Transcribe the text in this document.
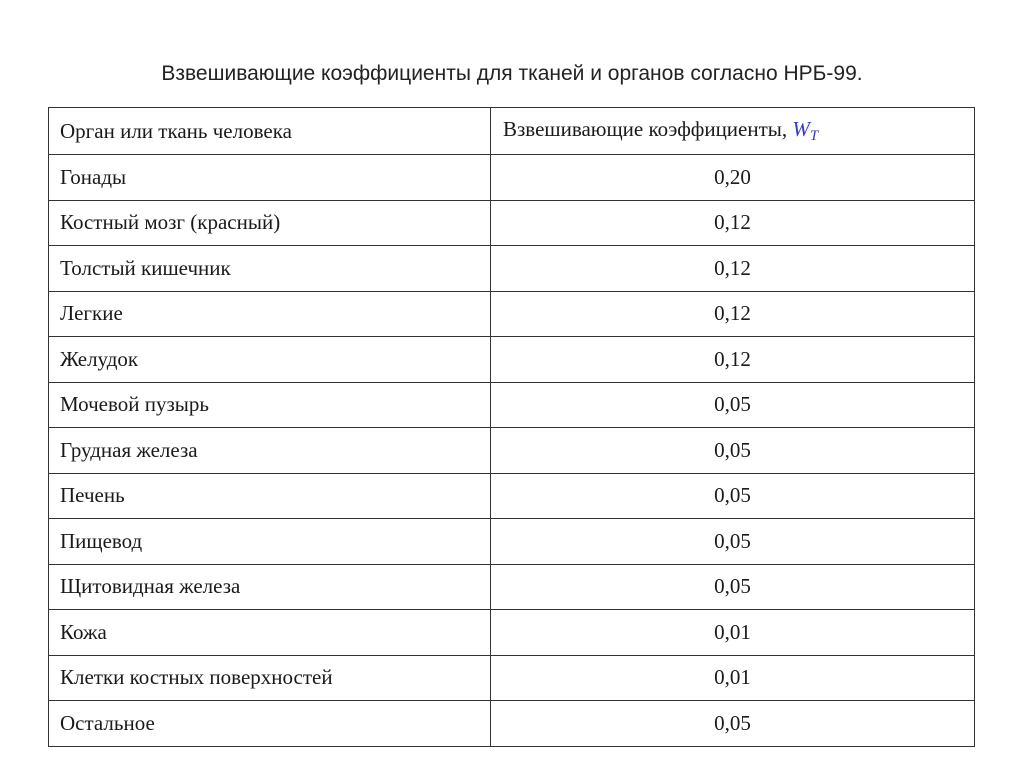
Взвешивающие коэффициенты для тканей и органов согласно НРБ-99.
Орган или ткань человека	Взвешивающие коэффициенты, $W_T$
Гонады	0,20
Костный мозг (красный)	0,12
Толстый кишечник	0,12
Легкие	0,12
Желудок	0,12
Мочевой пузырь	0,05
Грудная железа	0,05
Печень	0,05
Пищевод	0,05
Щитовидная железа	0,05
Кожа	0,01
Клетки костных поверхностей	0,01
Остальное	0,05
